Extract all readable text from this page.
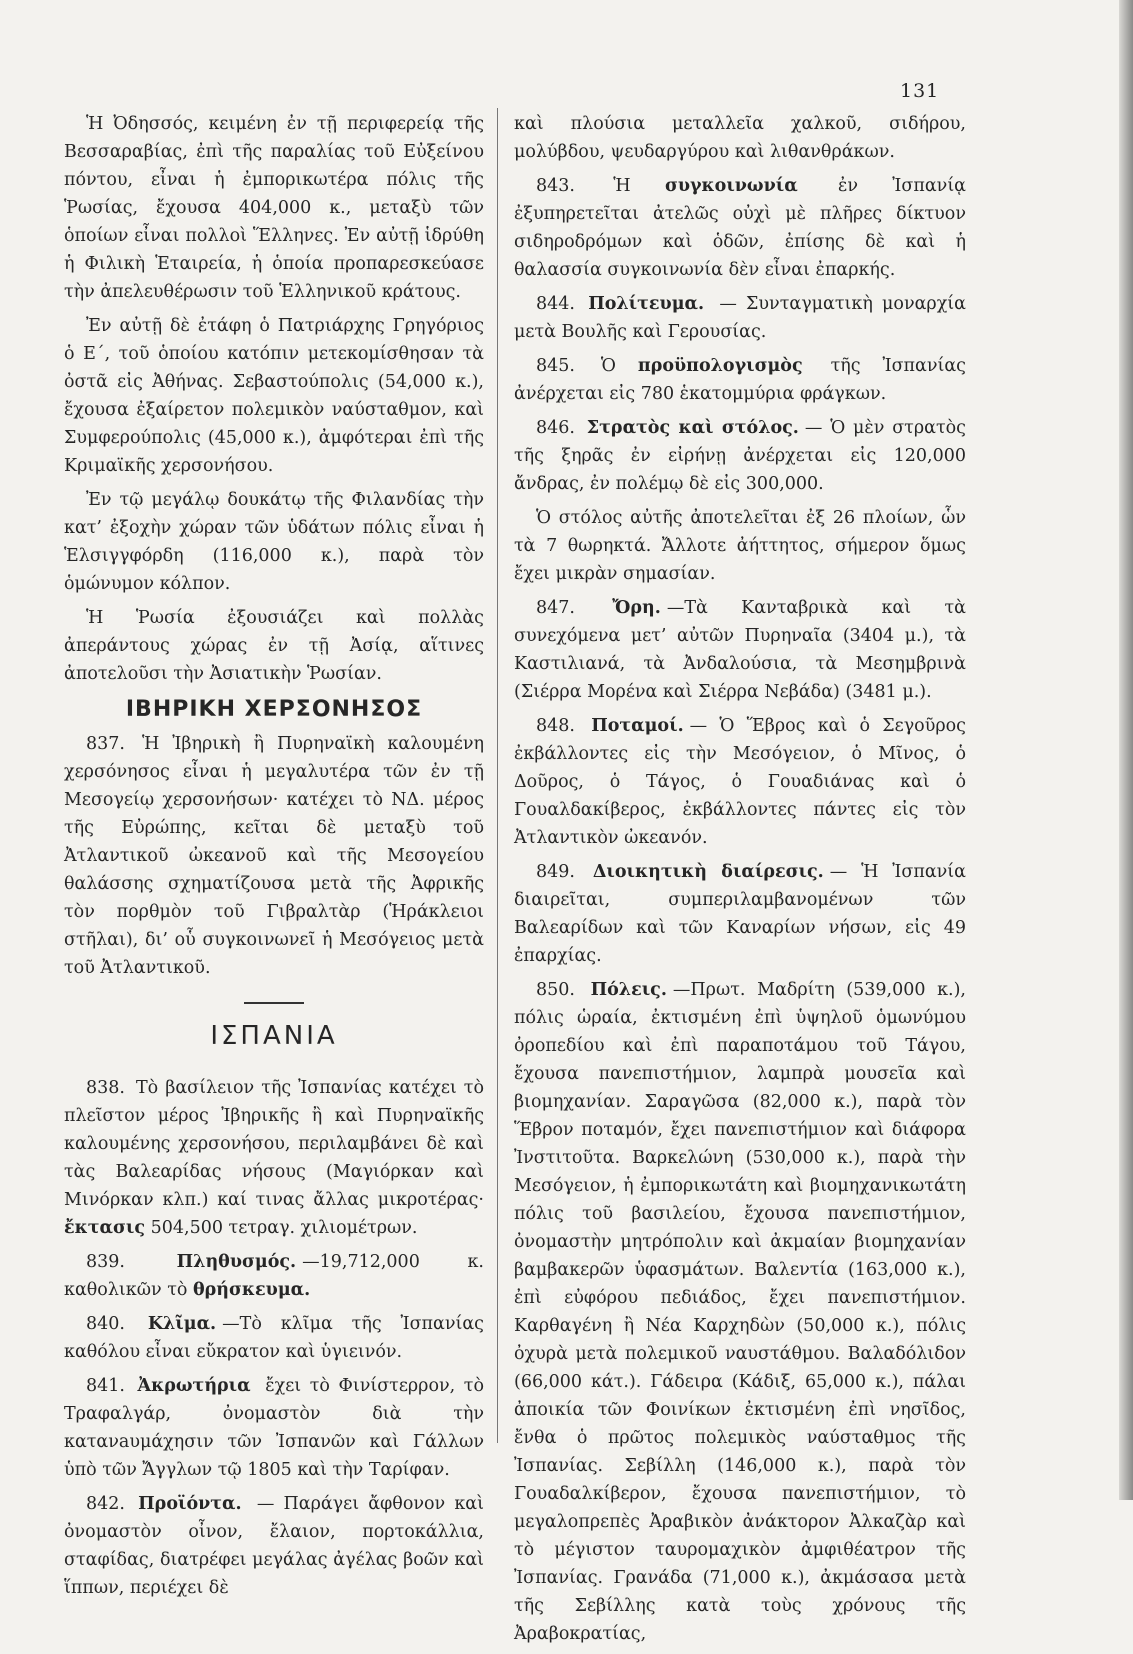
131

Ἡ Ὀδησσός, κειμένη ἐν τῇ περιφερείᾳ τῆς Βεσσαραβίας, ἐπὶ τῆς παραλίας τοῦ Εὐξείνου πόντου, εἶναι ἡ ἐμπορικωτέρα πόλις τῆς Ῥωσίας, ἔχουσα 404,000 κ., μεταξὺ τῶν ὁποίων εἶναι πολλοὶ Ἕλληνες. Ἐν αὐτῇ ἱδρύθη ἡ Φιλικὴ Ἑταιρεία, ἡ ὁποία προπαρεσκεύασε τὴν ἀπελευθέρωσιν τοῦ Ἑλληνικοῦ κράτους.

Ἐν αὐτῇ δὲ ἐτάφη ὁ Πατριάρχης Γρηγόριος ὁ Ε΄, τοῦ ὁποίου κατόπιν μετεκομίσθησαν τὰ ὀστᾶ εἰς Ἀθήνας. Σεβαστούπολις (54,000 κ.), ἔχουσα ἐξαίρετον πολεμικὸν ναύσταθμον, καὶ Συμφερούπολις (45,000 κ.), ἀμφότεραι ἐπὶ τῆς Κριμαϊκῆς χερσονήσου.

Ἐν τῷ μεγάλῳ δουκάτῳ τῆς Φιλανδίας τὴν κατ’ ἐξοχὴν χώραν τῶν ὑδάτων πόλις εἶναι ἡ Ἑλσιγγφόρδη (116,000 κ.), παρὰ τὸν ὁμώνυμον κόλπον.

Ἡ Ῥωσία ἐξουσιάζει καὶ πολλὰς ἀπεράντους χώρας ἐν τῇ Ἀσίᾳ, αἵτινες ἀποτελοῦσι τὴν Ἀσιατικὴν Ῥωσίαν.

ΙΒΗΡΙΚΗ ΧΕΡΣΟΝΗΣΟΣ

837. Ἡ Ἰβηρικὴ ἢ Πυρηναϊκὴ καλουμένη χερσόνησος εἶναι ἡ μεγαλυτέρα τῶν ἐν τῇ Μεσογείῳ χερσονήσων· κατέχει τὸ ΝΔ. μέρος τῆς Εὐρώπης, κεῖται δὲ μεταξὺ τοῦ Ἀτλαντικοῦ ὠκεανοῦ καὶ τῆς Μεσογείου θαλάσσης σχηματίζουσα μετὰ τῆς Ἀφρικῆς τὸν πορθμὸν τοῦ Γιβραλτὰρ (Ἡράκλειοι στῆλαι), δι’ οὗ συγκοινωνεῖ ἡ Μεσόγειος μετὰ τοῦ Ἀτλαντικοῦ.

ΙΣΠΑΝΙΑ

838. Τὸ βασίλειον τῆς Ἰσπανίας κατέχει τὸ πλεῖστον μέρος Ἰβηρικῆς ἢ καὶ Πυρηναϊκῆς καλουμένης χερσονήσου, περιλαμβάνει δὲ καὶ τὰς Βαλεαρίδας νήσους (Μαγιόρκαν καὶ Μινόρκαν κλπ.) καί τινας ἄλλας μικροτέρας· ἔκτασις 504,500 τετραγ. χιλιομέτρων.

839.	Πληθυσμός. —19,712,000 κ. καθολικῶν τὸ θρήσκευμα.

840. Κλῖμα. —Τὸ κλῖμα τῆς Ἰσπανίας καθόλου εἶναι εὔκρατον καὶ ὑγιεινόν.

841. Ἀκρωτήρια ἔχει τὸ Φινίστερρον, τὸ Τραφαλγάρ, ὀνομαστὸν διὰ τὴν κατανaυμάχησιν τῶν Ἰσπανῶν καὶ Γάλλων ὑπὸ τῶν Ἄγγλων τῷ 1805 καὶ τὴν Ταρίφαν.

842. Προϊόντα. — Παράγει ἄφθονον καὶ ὀνομαστὸν οἶνον, ἔλαιον, πορτοκάλλια, σταφίδας, διατρέφει μεγάλας ἀγέλας βοῶν καὶ ἵππων, περιέχει δὲ

καὶ πλούσια μεταλλεῖα χαλκοῦ, σιδήρου, μολύβδου, ψευδαργύρου καὶ λιθανθράκων.

843. Ἡ συγκοινωνία ἐν Ἰσπανίᾳ ἐξυπηρετεῖται ἀτελῶς οὐχὶ μὲ πλῆρες δίκτυον σιδηροδρόμων καὶ ὁδῶν, ἐπίσης δὲ καὶ ἡ θαλασσία συγκοινωνία δὲν εἶναι ἐπαρκής.

844. Πολίτευμα. — Συνταγματικὴ μοναρχία μετὰ Βουλῆς καὶ Γερουσίας.

845. Ὁ προϋπολογισμὸς τῆς Ἰσπανίας ἀνέρχεται εἰς 780 ἑκατομμύρια φράγκων.

846. Στρατὸς καὶ στόλος. — Ὁ μὲν στρατὸς τῆς ξηρᾶς ἐν εἰρήνῃ ἀνέρχεται εἰς 120,000 ἄνδρας, ἐν πολέμῳ δὲ εἰς 300,000.

Ὁ στόλος αὐτῆς ἀποτελεῖται ἐξ 26 πλοίων, ὧν τὰ 7 θωρηκτά. Ἄλλοτε ἀήττητος, σήμερον ὅμως ἔχει μικρὰν σημασίαν.

847. Ὄρη. —Τὰ Κανταβρικὰ καὶ τὰ συνεχόμενα μετ’ αὐτῶν Πυρηναῖα (3404 μ.), τὰ Καστιλιανά, τὰ Ἀνδαλούσια, τὰ Μεσημβρινὰ (Σιέρρα Μορένα καὶ Σιέρρα Νεβάδα) (3481 μ.).

848. Ποταμοί. — Ὁ Ἕβρος καὶ ὁ Σεγοῦρος ἐκβάλλοντες εἰς τὴν Μεσόγειον, ὁ Μῖνος, ὁ Δοῦρος, ὁ Τάγος, ὁ Γουαδιάνας καὶ ὁ Γουαλδακίβερος, ἐκβάλλοντες πάντες εἰς τὸν Ἀτλαντικὸν ὠκεανόν.

849. Διοικητικὴ διαίρεσις. — Ἡ Ἰσπανία διαιρεῖται, συμπεριλαμβανομένων τῶν Βαλεαρίδων καὶ τῶν Καναρίων νήσων, εἰς 49 ἐπαρχίας.

850. Πόλεις. —Πρωτ. Μαδρίτη (539,000 κ.), πόλις ὡραία, ἐκτισμένη ἐπὶ ὑψηλοῦ ὁμωνύμου ὀροπεδίου καὶ ἐπὶ παραποτάμου τοῦ Τάγου, ἔχουσα πανεπιστήμιον, λαμπρὰ μουσεῖα καὶ βιομηχανίαν. Σαραγῶσα (82,000 κ.), παρὰ τὸν Ἕβρον ποταμόν, ἔχει πανεπιστήμιον καὶ διάφορα Ἰνστιτοῦτα. Βαρκελώνη (530,000 κ.), παρὰ τὴν Μεσόγειον, ἡ ἐμπορικωτάτη καὶ βιομηχανικωτάτη πόλις τοῦ βασιλείου, ἔχουσα πανεπιστήμιον, ὀνομαστὴν μητρόπολιν καὶ ἀκμαίαν βιομηχανίαν βαμβακερῶν ὑφασμάτων. Βαλεντία (163,000 κ.), ἐπὶ εὐφόρου πεδιάδος, ἔχει πανεπιστήμιον. Καρθαγένη ἢ Νέα Καρχηδὼν (50,000 κ.), πόλις ὀχυρὰ μετὰ πολεμικοῦ ναυστάθμου. Βαλαδόλιδον (66,000 κάτ.). Γάδειρα (Κάδιξ, 65,000 κ.), πάλαι ἀποικία τῶν Φοινίκων ἐκτισμένη ἐπὶ νησῖδος, ἔνθα ὁ πρῶτος πολεμικὸς ναύσταθμος τῆς Ἰσπανίας. Σεβίλλη (146,000 κ.), παρὰ τὸν Γουαδαλκίβερον, ἔχουσα πανεπιστήμιον, τὸ μεγαλοπρεπὲς Ἀραβικὸν ἀνάκτορον Ἀλκαζὰρ καὶ τὸ μέγιστον ταυρομαχικὸν ἀμφιθέατρον τῆς Ἰσπανίας. Γρανάδα (71,000 κ.), ἀκμάσασα μετὰ τῆς Σεβίλλης κατὰ τοὺς χρόνους τῆς Ἀραβοκρατίας,
